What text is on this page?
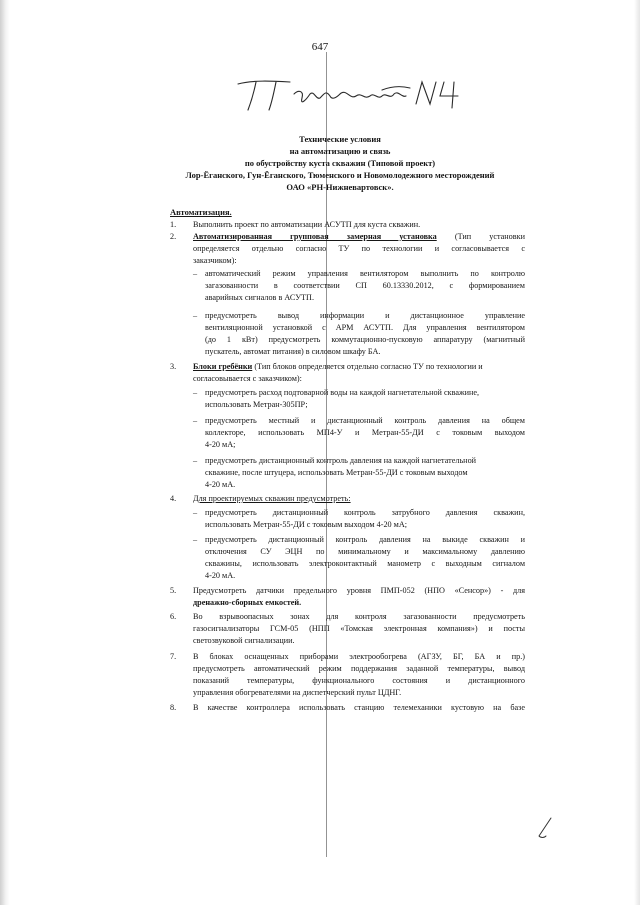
647
Технические условия
на автоматизацию и связь
по обустройству куста скважин (Типовой проект)
Лор-Ёганского, Гун-Ёганского, Тюменского и Новомолодежного месторождений
ОАО «РН-Нижневартовск».
Автоматизация.
1. Выполнить проект по автоматизации АСУТП для куста скважин.
2. Автоматизированная групповая замерная установка (Тип установки
определяется отдельно согласно ТУ по технологии и согласовывается с
заказчиком):
– автоматический режим управления вентилятором выполнить по контролю
загазованности в соответствии СП 60.13330.2012, с формированием
аварийных сигналов в АСУТП.
– предусмотреть вывод информации и дистанционное управление
вентиляционной установкой с АРМ АСУТП. Для управления вентилятором
(до 1 кВт) предусмотреть коммутационно-пусковую аппаратуру (магнитный
пускатель, автомат питания) в силовом шкафу БА.
3. Блоки гребёнки (Тип блоков определяется отдельно согласно ТУ по технологии и
согласовывается с заказчиком):
– предусмотреть расход подтоварной воды на каждой нагнетательной скважине,
использовать Метран-305ПР;
– предусмотреть местный и дистанционный контроль давления на общем
коллекторе, использовать МП4-У и Метран-55-ДИ с токовым выходом
4-20 мА;
– предусмотреть дистанционный контроль давления на каждой нагнетательной
скважине, после штуцера, использовать Метран-55-ДИ с токовым выходом
4-20 мА.
4. Для проектируемых скважин предусмотреть:
– предусмотреть дистанционный контроль затрубного давления скважин,
использовать Метран-55-ДИ с токовым выходом 4-20 мА;
– предусмотреть дистанционный контроль давления на выкиде скважин и
отключения СУ ЭЦН по минимальному и максимальному давлению
скважины, использовать электроконтактный манометр с выходным сигналом
4-20 мА.
5. Предусмотреть датчики предельного уровня ПМП-052 (НПО «Сенсор») - для
дренажно-сборных емкостей.
6. Во взрывоопасных зонах для контроля загазованности предусмотреть
газосигнализаторы ГСМ-05 (НПП «Томская электронная компания») и посты
светозвуковой сигнализации.
7. В блоках оснащенных приборами электрообогрева (АГЗУ, БГ, БА и пр.)
предусмотреть автоматический режим поддержания заданной температуры, вывод
показаний температуры, функционального состояния и дистанционного
управления обогревателями на диспетчерский пульт ЦДНГ.
8. В качестве контроллера использовать станцию телемеханики кустовую на базе
